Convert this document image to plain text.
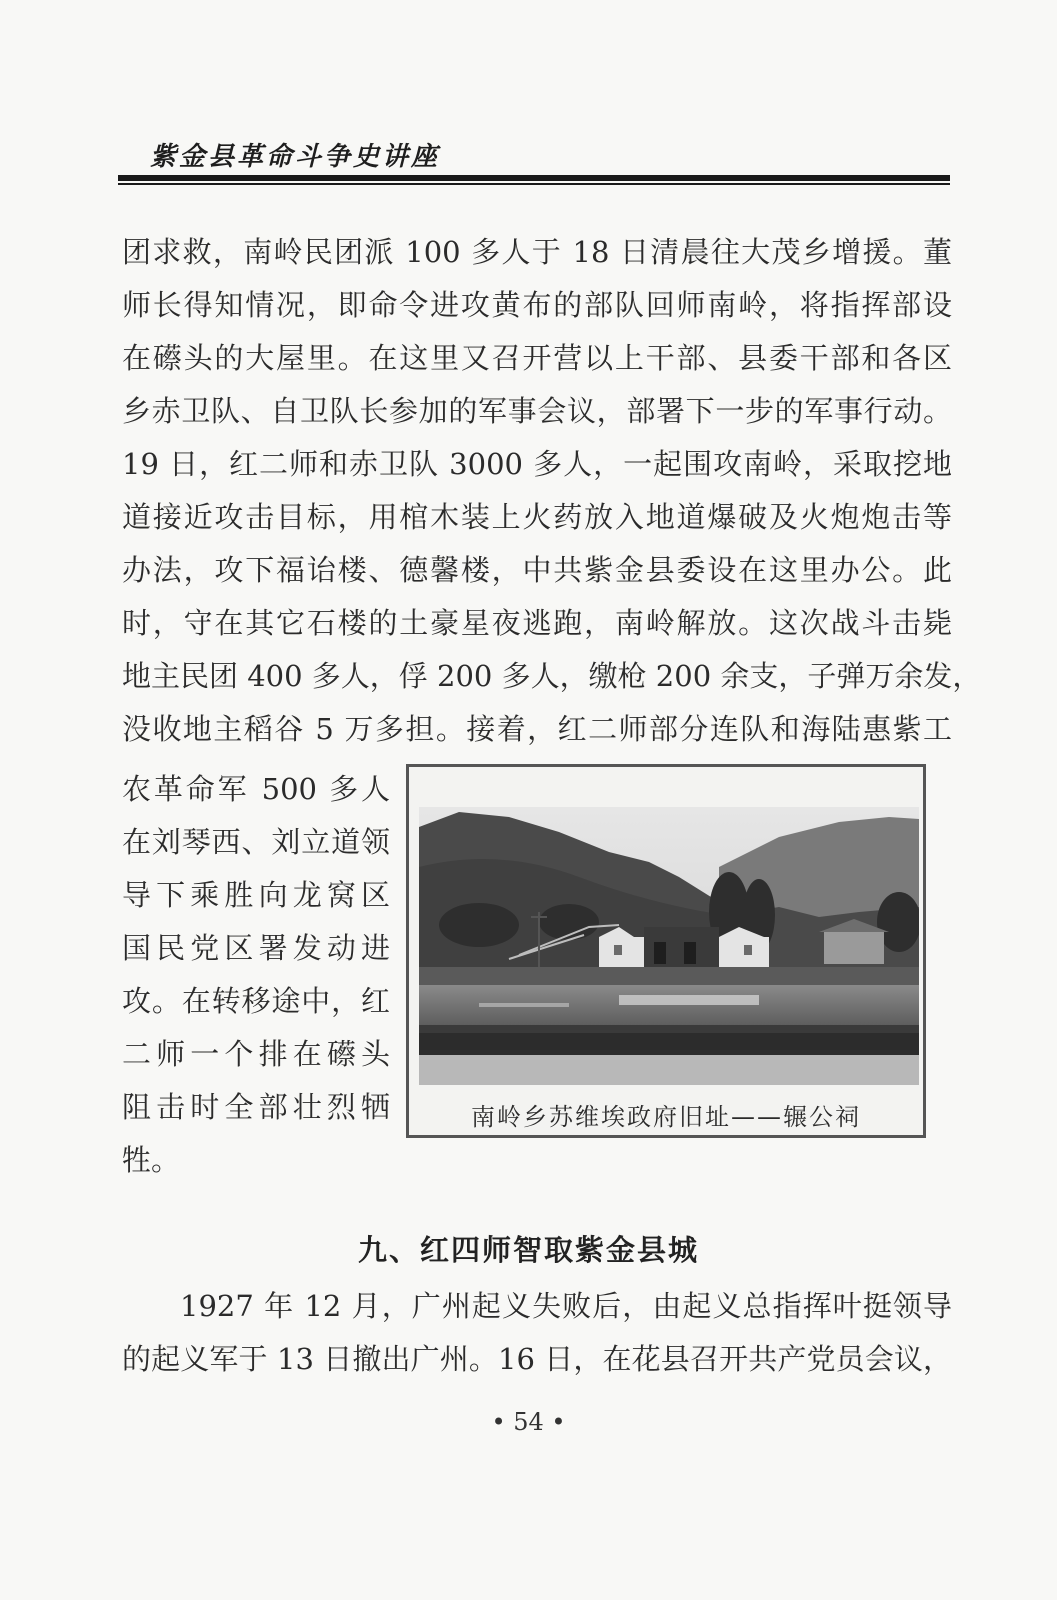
紫金县革命斗争史讲座
团求救，南岭民团派 100 多人于 18 日清晨往大茂乡增援。董
师长得知情况，即命令进攻黄布的部队回师南岭，将指挥部设
在礤头的大屋里。在这里又召开营以上干部、县委干部和各区
乡赤卫队、自卫队长参加的军事会议，部署下一步的军事行动。
19 日，红二师和赤卫队 3000 多人，一起围攻南岭，采取挖地
道接近攻击目标，用棺木装上火药放入地道爆破及火炮炮击等
办法，攻下福诒楼、德馨楼，中共紫金县委设在这里办公。此
时，守在其它石楼的土豪星夜逃跑，南岭解放。这次战斗击毙
地主民团 400 多人，俘 200 多人，缴枪 200 余支，子弹万余发，
没收地主稻谷 5 万多担。接着，红二师部分连队和海陆惠紫工
农革命军 500 多人
在刘琴西、刘立道领
导下乘胜向龙窝区
国民党区署发动进
攻。在转移途中，红
二师一个排在礤头
阻击时全部壮烈牺
牲。
南岭乡苏维埃政府旧址——辗公祠
九、红四师智取紫金县城
1927 年 12 月，广州起义失败后，由起义总指挥叶挺领导
的起义军于 13 日撤出广州。16 日，在花县召开共产党员会议，
• 54 •
